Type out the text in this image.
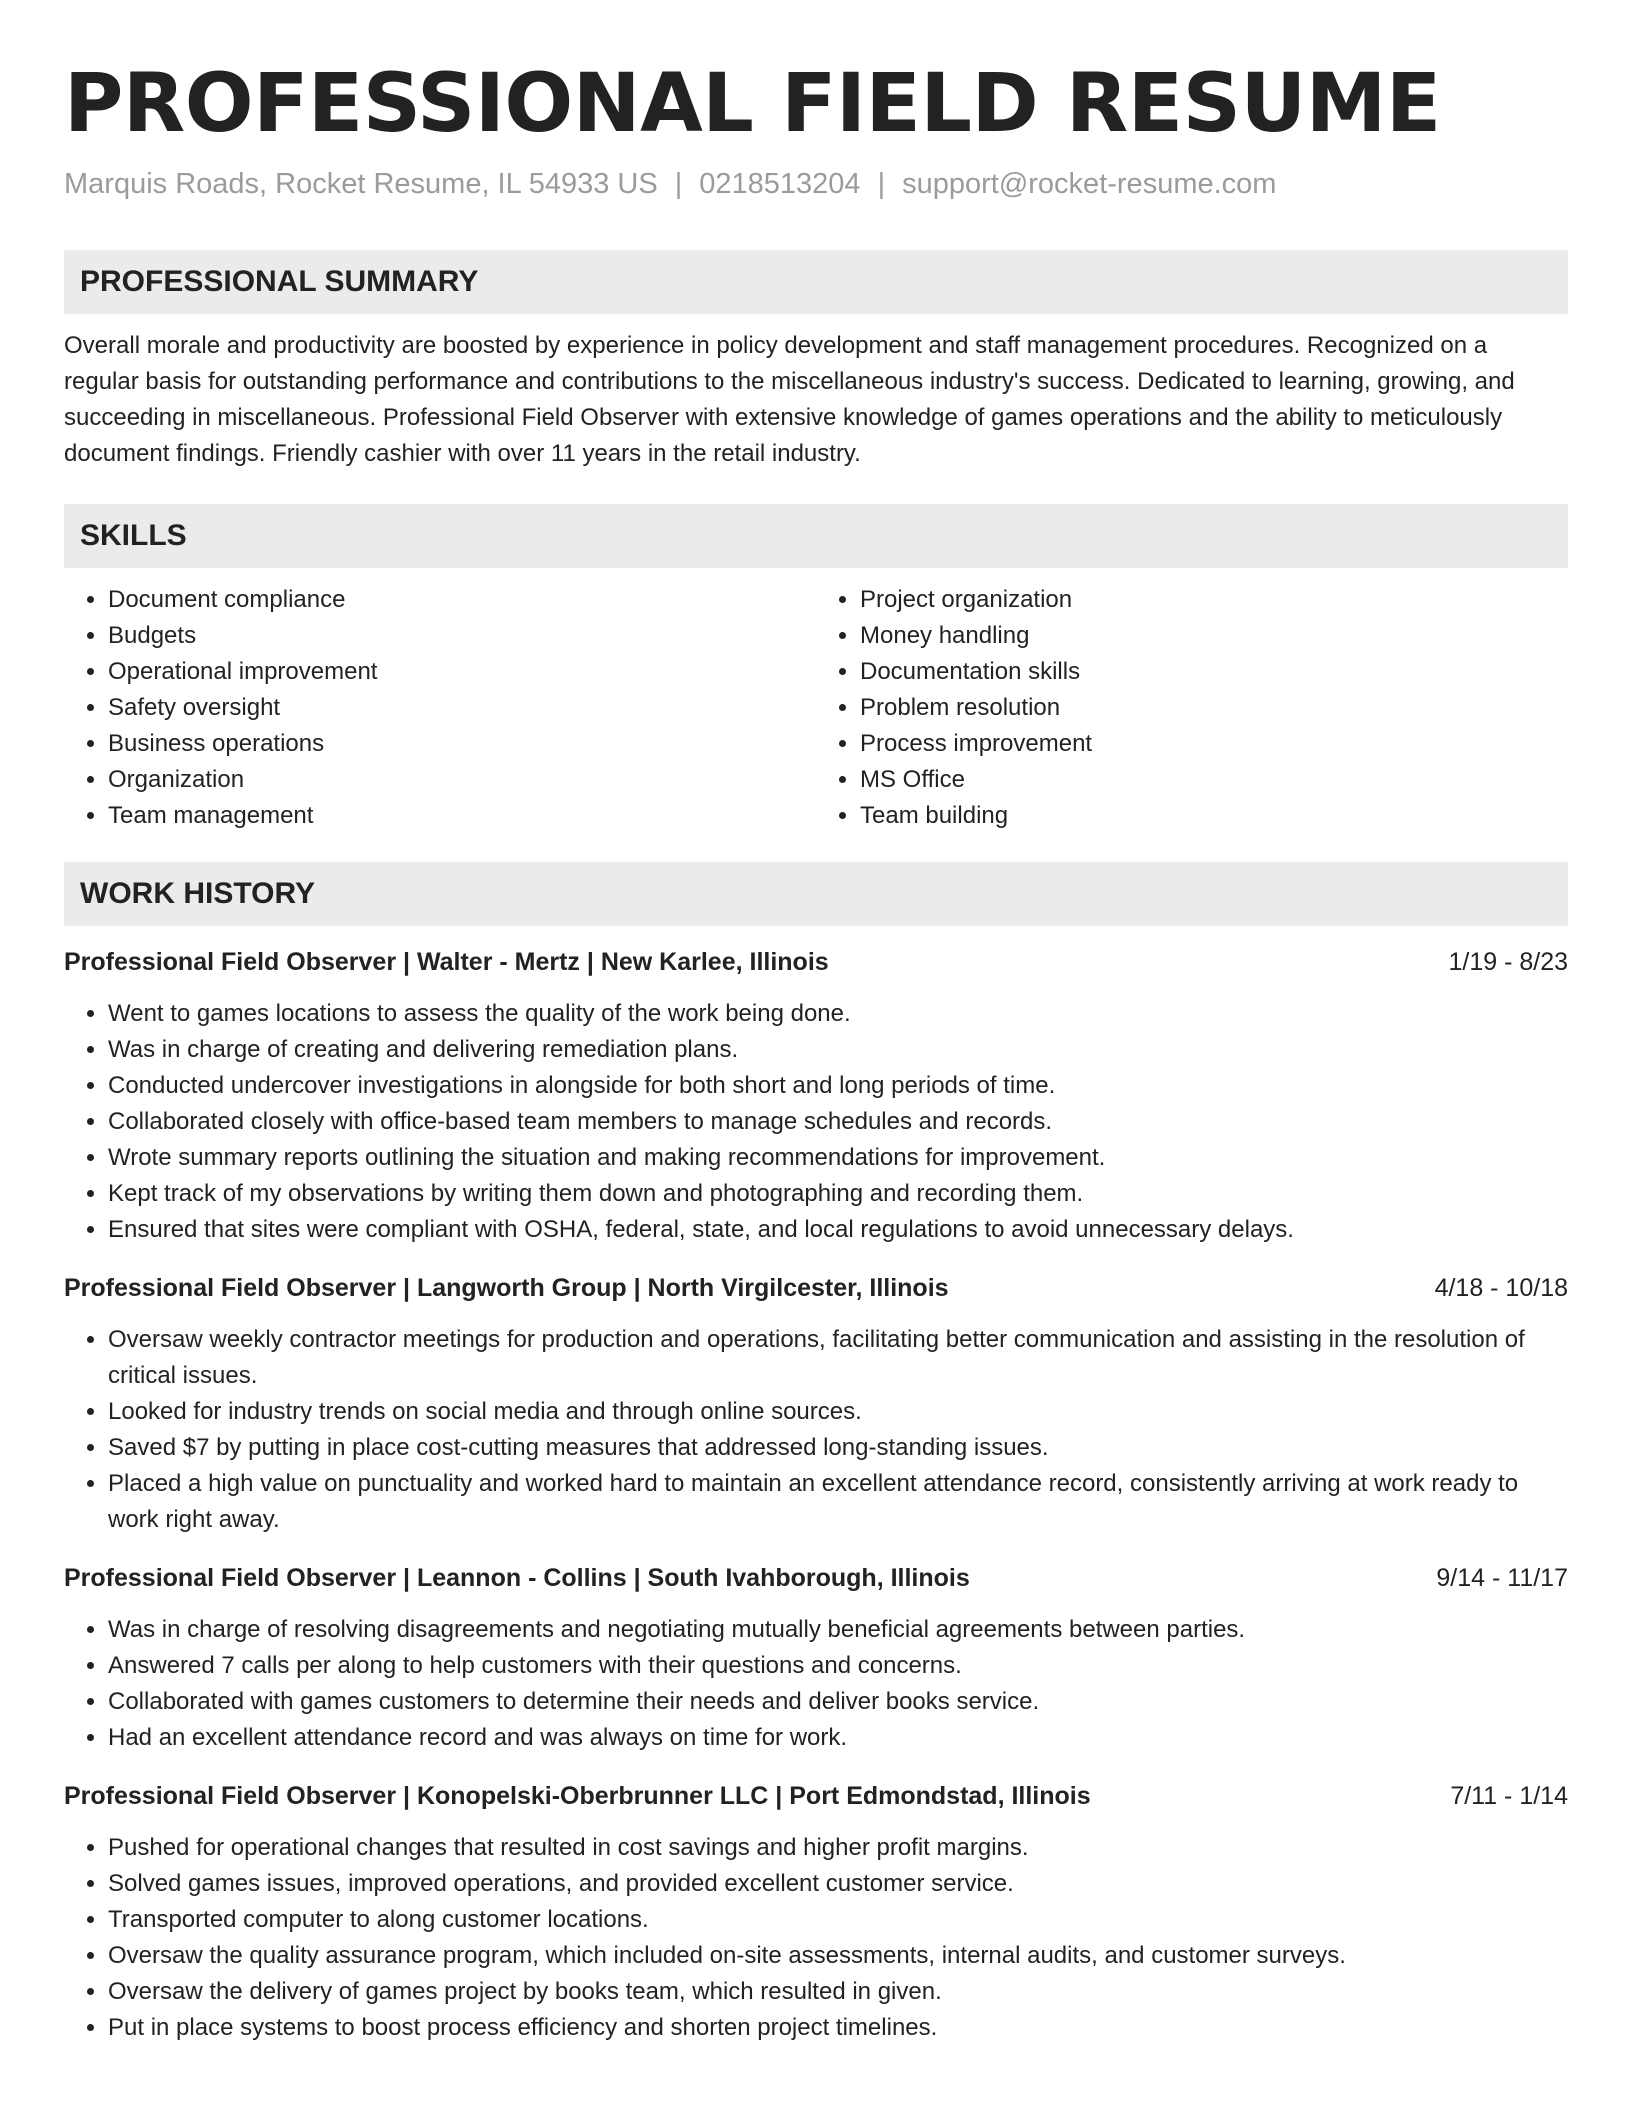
PROFESSIONAL FIELD RESUME
Marquis Roads, Rocket Resume, IL 54933 US | 0218513204 | support@rocket-resume.com
PROFESSIONAL SUMMARY
Overall morale and productivity are boosted by experience in policy development and staff management procedures. Recognized on a regular basis for outstanding performance and contributions to the miscellaneous industry's success. Dedicated to learning, growing, and succeeding in miscellaneous. Professional Field Observer with extensive knowledge of games operations and the ability to meticulously document findings. Friendly cashier with over 11 years in the retail industry.
SKILLS
• Document compliance
• Budgets
• Operational improvement
• Safety oversight
• Business operations
• Organization
• Team management
• Project organization
• Money handling
• Documentation skills
• Problem resolution
• Process improvement
• MS Office
• Team building
WORK HISTORY
Professional Field Observer | Walter - Mertz | New Karlee, Illinois	1/19 - 8/23
• Went to games locations to assess the quality of the work being done.
• Was in charge of creating and delivering remediation plans.
• Conducted undercover investigations in alongside for both short and long periods of time.
• Collaborated closely with office-based team members to manage schedules and records.
• Wrote summary reports outlining the situation and making recommendations for improvement.
• Kept track of my observations by writing them down and photographing and recording them.
• Ensured that sites were compliant with OSHA, federal, state, and local regulations to avoid unnecessary delays.
Professional Field Observer | Langworth Group | North Virgilcester, Illinois	4/18 - 10/18
• Oversaw weekly contractor meetings for production and operations, facilitating better communication and assisting in the resolution of critical issues.
• Looked for industry trends on social media and through online sources.
• Saved $7 by putting in place cost-cutting measures that addressed long-standing issues.
• Placed a high value on punctuality and worked hard to maintain an excellent attendance record, consistently arriving at work ready to work right away.
Professional Field Observer | Leannon - Collins | South Ivahborough, Illinois	9/14 - 11/17
• Was in charge of resolving disagreements and negotiating mutually beneficial agreements between parties.
• Answered 7 calls per along to help customers with their questions and concerns.
• Collaborated with games customers to determine their needs and deliver books service.
• Had an excellent attendance record and was always on time for work.
Professional Field Observer | Konopelski-Oberbrunner LLC | Port Edmondstad, Illinois	7/11 - 1/14
• Pushed for operational changes that resulted in cost savings and higher profit margins.
• Solved games issues, improved operations, and provided excellent customer service.
• Transported computer to along customer locations.
• Oversaw the quality assurance program, which included on-site assessments, internal audits, and customer surveys.
• Oversaw the delivery of games project by books team, which resulted in given.
• Put in place systems to boost process efficiency and shorten project timelines.
